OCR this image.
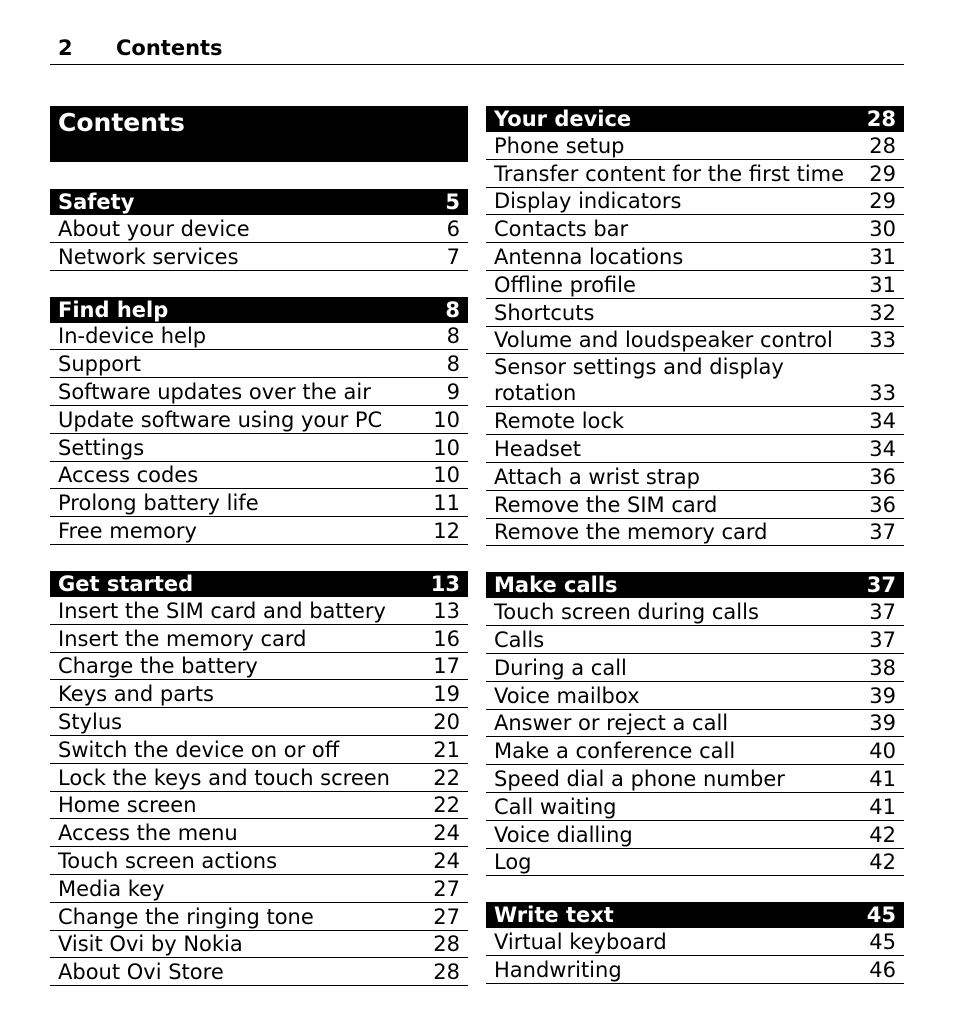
2 Contents
Contents
Safety	5
About your device	6
Network services	7
Find help	8
In-device help	8
Support	8
Software updates over the air	9
Update software using your PC	10
Settings	10
Access codes	10
Prolong battery life	11
Free memory	12
Get started	13
Insert the SIM card and battery	13
Insert the memory card	16
Charge the battery	17
Keys and parts	19
Stylus	20
Switch the device on or off	21
Lock the keys and touch screen	22
Home screen	22
Access the menu	24
Touch screen actions	24
Media key	27
Change the ringing tone	27
Visit Ovi by Nokia	28
About Ovi Store	28
Your device	28
Phone setup	28
Transfer content for the first time	29
Display indicators	29
Contacts bar	30
Antenna locations	31
Offline profile	31
Shortcuts	32
Volume and loudspeaker control	33
Sensor settings and display
rotation	33
Remote lock	34
Headset	34
Attach a wrist strap	36
Remove the SIM card	36
Remove the memory card	37
Make calls	37
Touch screen during calls	37
Calls	37
During a call	38
Voice mailbox	39
Answer or reject a call	39
Make a conference call	40
Speed dial a phone number	41
Call waiting	41
Voice dialling	42
Log	42
Write text	45
Virtual keyboard	45
Handwriting	46
